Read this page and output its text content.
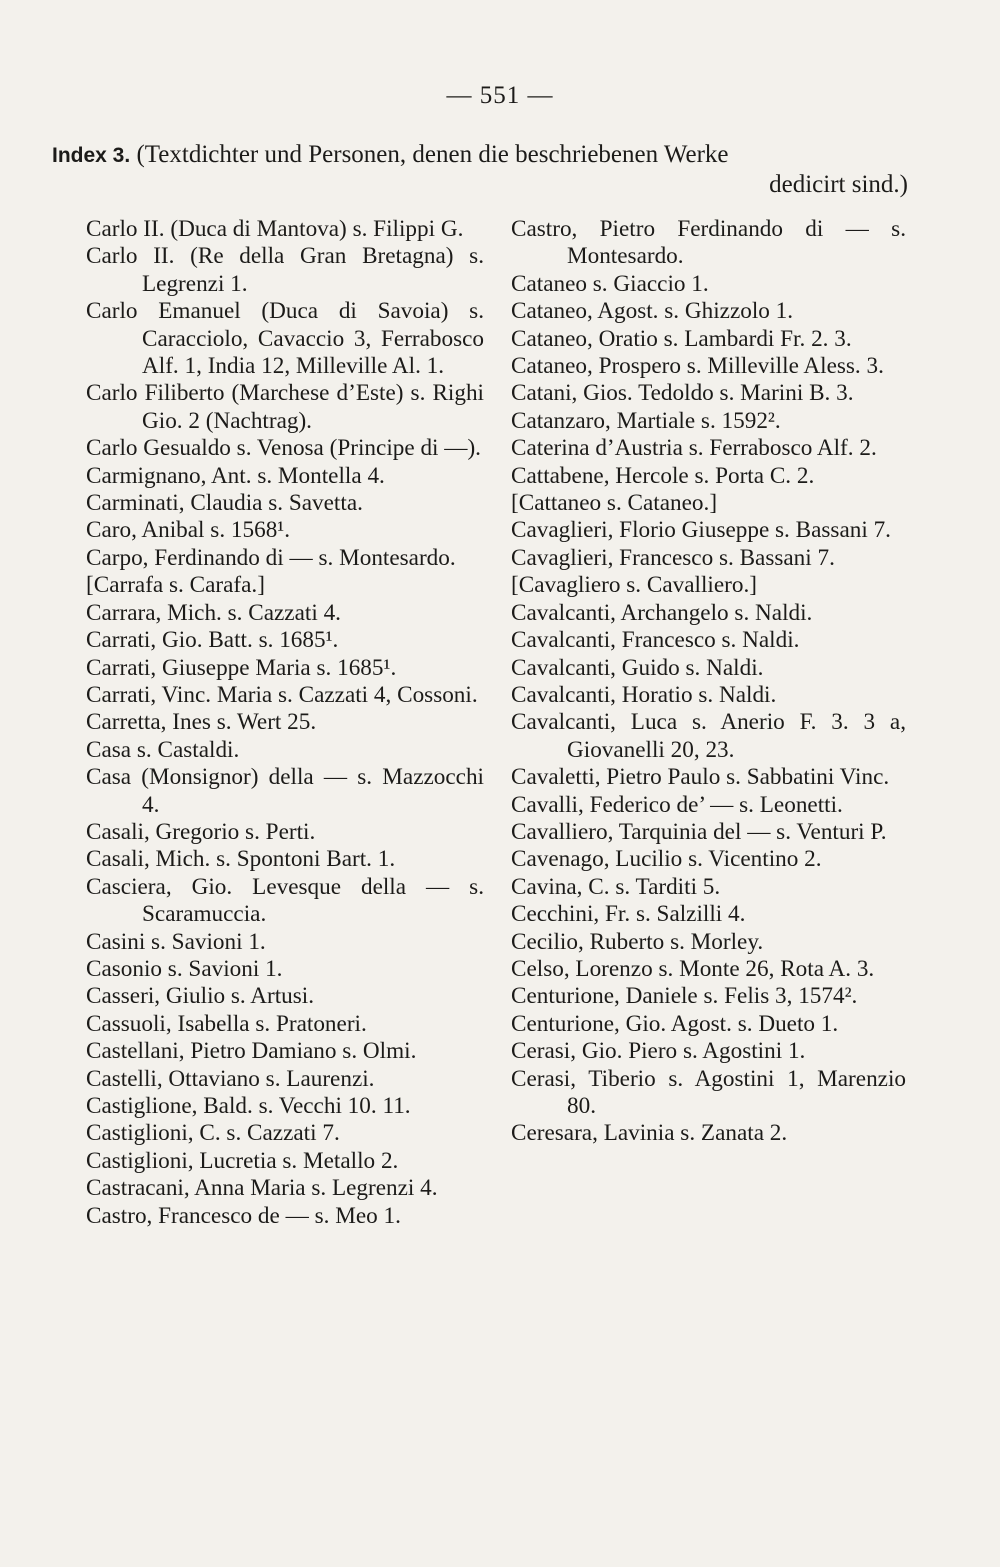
— 551 —
Index 3. (Textdichter und Personen, denen die beschriebenen Werke
dedicirt sind.)

Carlo II. (Duca di Mantova) s. Filippi G.

Carlo II. (Re della Gran Bretagna) s. Legrenzi 1.

Carlo Emanuel (Duca di Savoia) s. Caracciolo, Cavaccio 3, Ferrabosco Alf. 1, India 12, Milleville Al. 1.

Carlo Filiberto (Marchese d’Este) s. Righi Gio. 2 (Nachtrag).

Carlo Gesualdo s. Venosa (Principe di —).

Carmignano, Ant. s. Montella 4.

Carminati, Claudia s. Savetta.

Caro, Anibal s. 1568¹.

Carpo, Ferdinando di — s. Montesardo.

[Carrafa s. Carafa.]

Carrara, Mich. s. Cazzati 4.

Carrati, Gio. Batt. s. 1685¹.

Carrati, Giuseppe Maria s. 1685¹.

Carrati, Vinc. Maria s. Cazzati 4, Cossoni.

Carretta, Ines s. Wert 25.

Casa s. Castaldi.

Casa (Monsignor) della — s. Mazzocchi 4.

Casali, Gregorio s. Perti.

Casali, Mich. s. Spontoni Bart. 1.

Casciera, Gio. Levesque della — s. Scaramuccia.

Casini s. Savioni 1.

Casonio s. Savioni 1.

Casseri, Giulio s. Artusi.

Cassuoli, Isabella s. Pratoneri.

Castellani, Pietro Damiano s. Olmi.

Castelli, Ottaviano s. Laurenzi.

Castiglione, Bald. s. Vecchi 10. 11.

Castiglioni, C. s. Cazzati 7.

Castiglioni, Lucretia s. Metallo 2.

Castracani, Anna Maria s. Legrenzi 4.

Castro, Francesco de — s. Meo 1.

Castro, Pietro Ferdinando di — s. Montesardo.

Cataneo s. Giaccio 1.

Cataneo, Agost. s. Ghizzolo 1.

Cataneo, Oratio s. Lambardi Fr. 2. 3.

Cataneo, Prospero s. Milleville Aless. 3.

Catani, Gios. Tedoldo s. Marini B. 3.

Catanzaro, Martiale s. 1592².

Caterina d’Austria s. Ferrabosco Alf. 2.

Cattabene, Hercole s. Porta C. 2.

[Cattaneo s. Cataneo.]

Cavaglieri, Florio Giuseppe s. Bassani 7.

Cavaglieri, Francesco s. Bassani 7.

[Cavagliero s. Cavalliero.]

Cavalcanti, Archangelo s. Naldi.

Cavalcanti, Francesco s. Naldi.

Cavalcanti, Guido s. Naldi.

Cavalcanti, Horatio s. Naldi.

Cavalcanti, Luca s. Anerio F. 3. 3 a, Giovanelli 20, 23.

Cavaletti, Pietro Paulo s. Sabbatini Vinc.

Cavalli, Federico de’ — s. Leonetti.

Cavalliero, Tarquinia del — s. Venturi P.

Cavenago, Lucilio s. Vicentino 2.

Cavina, C. s. Tarditi 5.

Cecchini, Fr. s. Salzilli 4.

Cecilio, Ruberto s. Morley.

Celso, Lorenzo s. Monte 26, Rota A. 3.

Centurione, Daniele s. Felis 3, 1574².

Centurione, Gio. Agost. s. Dueto 1.

Cerasi, Gio. Piero s. Agostini 1.

Cerasi, Tiberio s. Agostini 1, Marenzio 80.

Ceresara, Lavinia s. Zanata 2.
